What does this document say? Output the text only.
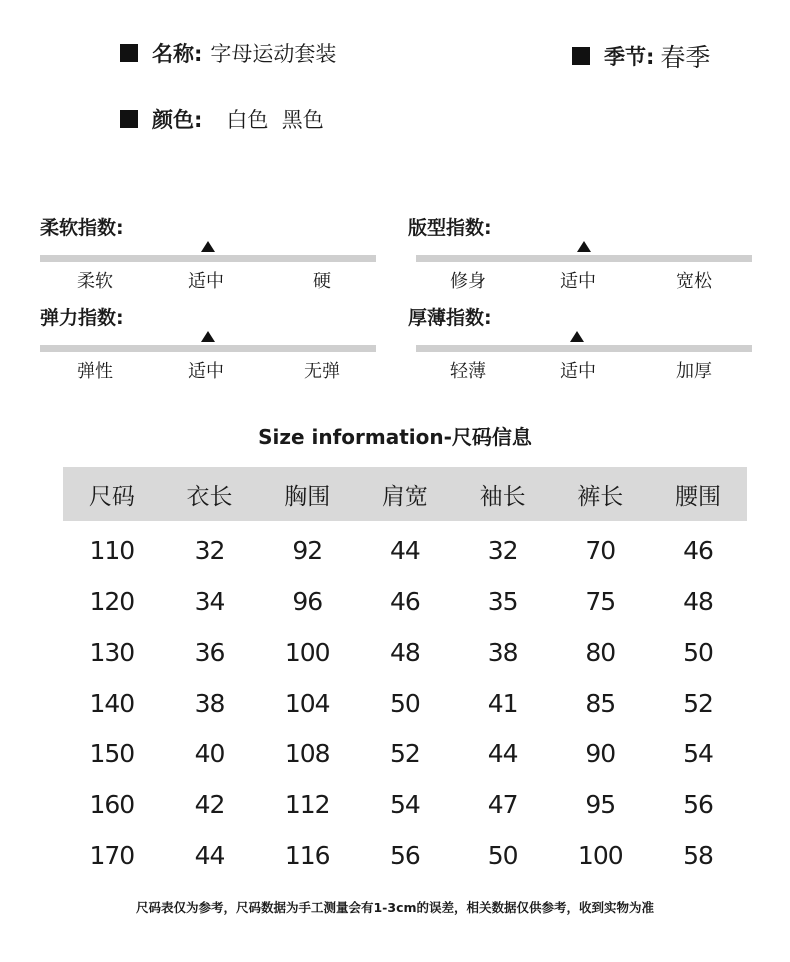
名称: 字母运动套装	季节: 春季
颜色: 白色  黑色
柔软指数:
柔软	适中	硬
版型指数:
修身	适中	宽松
弹力指数:
弹性	适中	无弹
厚薄指数:
轻薄	适中	加厚
Size information-尺码信息
尺码	衣长	胸围	肩宽	袖长	裤长	腰围
110	32	92	44	32	70	46
120	34	96	46	35	75	48
130	36	100	48	38	80	50
140	38	104	50	41	85	52
150	40	108	52	44	90	54
160	42	112	54	47	95	56
170	44	116	56	50	100	58
尺码表仅为参考，尺码数据为手工测量会有1-3cm的误差，相关数据仅供参考，收到实物为准
